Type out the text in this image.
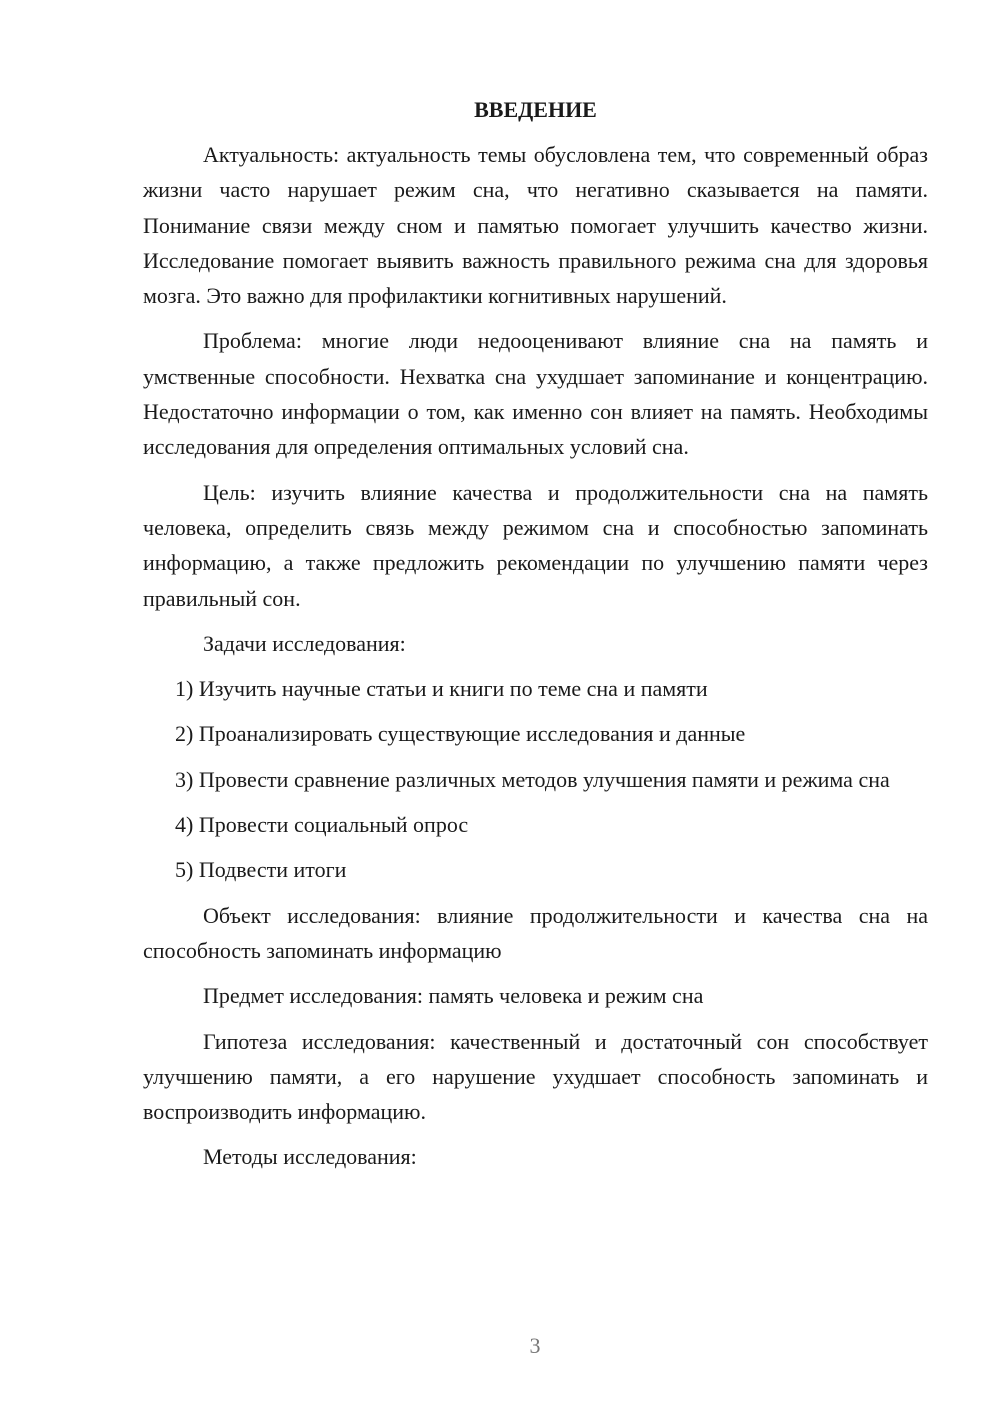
ВВЕДЕНИЕ

Актуальность: актуальность темы обусловлена тем, что современный образ жизни часто нарушает режим сна, что негативно сказывается на памяти. Понимание связи между сном и памятью помогает улучшить качество жизни. Исследование помогает выявить важность правильного режима сна для здоровья мозга. Это важно для профилактики когнитивных нарушений.

Проблема: многие люди недооценивают влияние сна на память и умственные способности. Нехватка сна ухудшает запоминание и концентрацию. Недостаточно информации о том, как именно сон влияет на память. Необходимы исследования для определения оптимальных условий сна.

Цель: изучить влияние качества и продолжительности сна на память человека, определить связь между режимом сна и способностью запоминать информацию, а также предложить рекомендации по улучшению памяти через правильный сон.

Задачи исследования:

1) Изучить научные статьи и книги по теме сна и памяти

2) Проанализировать существующие исследования и данные

3) Провести сравнение различных методов улучшения памяти и режима сна

4) Провести социальный опрос

5) Подвести итоги

Объект исследования: влияние продолжительности и качества сна на способность запоминать информацию

Предмет исследования: память человека и режим сна

Гипотеза исследования: качественный и достаточный сон способствует улучшению памяти, а его нарушение ухудшает способность запоминать и воспроизводить информацию.

Методы исследования:

3
